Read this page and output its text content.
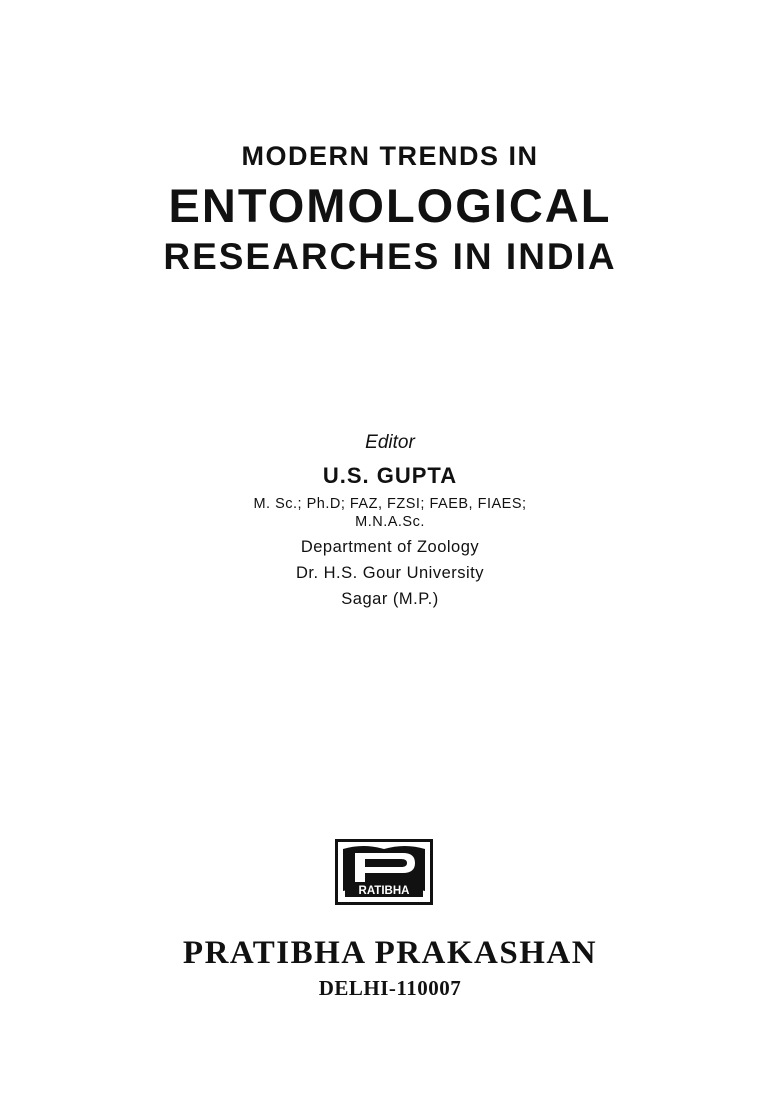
MODERN TRENDS IN
ENTOMOLOGICAL
RESEARCHES IN INDIA
Editor
U.S. GUPTA
M. Sc.; Ph.D; FAZ, FZSI; FAEB, FIAES;
M.N.A.Sc.
Department of Zoology
Dr. H.S. Gour University
Sagar (M.P.)
RATIBHA
PRATIBHA PRAKASHAN
DELHI-110007
